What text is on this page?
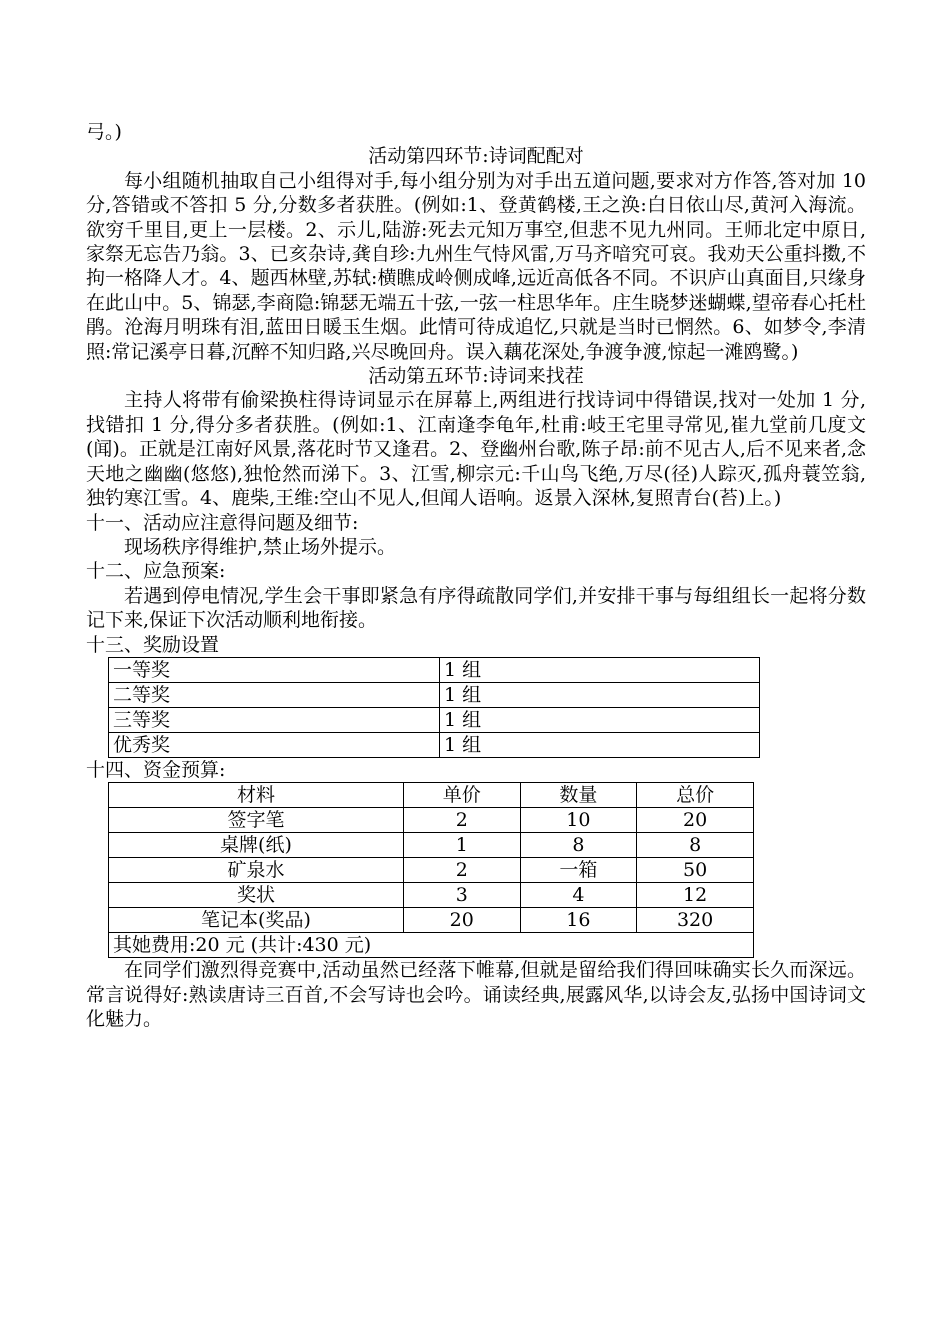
弓。)

活动第四环节:诗词配配对

每小组随机抽取自己小组得对手,每小组分别为对手出五道问题,要求对方作答,答对加 10 分,答错或不答扣 5 分,分数多者获胜。(例如:1、登黄鹤楼,王之涣:白日依山尽,黄河入海流。欲穷千里目,更上一层楼。2、示儿,陆游:死去元知万事空,但悲不见九州同。王师北定中原日,家祭无忘告乃翁。3、已亥杂诗,龚自珍:九州生气恃风雷,万马齐喑究可哀。我劝天公重抖擞,不拘一格降人才。4、题西林壁,苏轼:横瞧成岭侧成峰,远近高低各不同。不识庐山真面目,只缘身在此山中。5、锦瑟,李商隐:锦瑟无端五十弦,一弦一柱思华年。庄生晓梦迷蝴蝶,望帝春心托杜鹃。沧海月明珠有泪,蓝田日暖玉生烟。此情可待成追忆,只就是当时已惘然。6、如梦令,李清照:常记溪亭日暮,沉醉不知归路,兴尽晚回舟。误入藕花深处,争渡争渡,惊起一滩鸥鹭。)

活动第五环节:诗词来找茬

主持人将带有偷梁换柱得诗词显示在屏幕上,两组进行找诗词中得错误,找对一处加 1 分,找错扣 1 分,得分多者获胜。(例如:1、江南逢李龟年,杜甫:岐王宅里寻常见,崔九堂前几度文(闻)。正就是江南好风景,落花时节又逢君。2、登幽州台歌,陈子昂:前不见古人,后不见来者,念天地之幽幽(悠悠),独怆然而涕下。3、江雪,柳宗元:千山鸟飞绝,万尽(径)人踪灭,孤舟蓑笠翁,独钓寒江雪。4、鹿柴,王维:空山不见人,但闻人语响。返景入深林,复照青台(苔)上。)

十一、活动应注意得问题及细节:

现场秩序得维护,禁止场外提示。

十二、应急预案:

若遇到停电情况,学生会干事即紧急有序得疏散同学们,并安排干事与每组组长一起将分数记下来,保证下次活动顺利地衔接。

十三、奖励设置

一等奖	1 组
二等奖	1 组
三等奖	1 组
优秀奖	1 组

十四、资金预算:

材料	单价	数量	总价
签字笔	2	10	20
桌牌(纸)	1	8	8
矿泉水	2	一箱	50
奖状	3	4	12
笔记本(奖品)	20	16	320
其她费用:20 元 (共计:430 元)			

在同学们激烈得竞赛中,活动虽然已经落下帷幕,但就是留给我们得回味确实长久而深远。常言说得好:熟读唐诗三百首,不会写诗也会吟。诵读经典,展露风华,以诗会友,弘扬中国诗词文化魅力。
